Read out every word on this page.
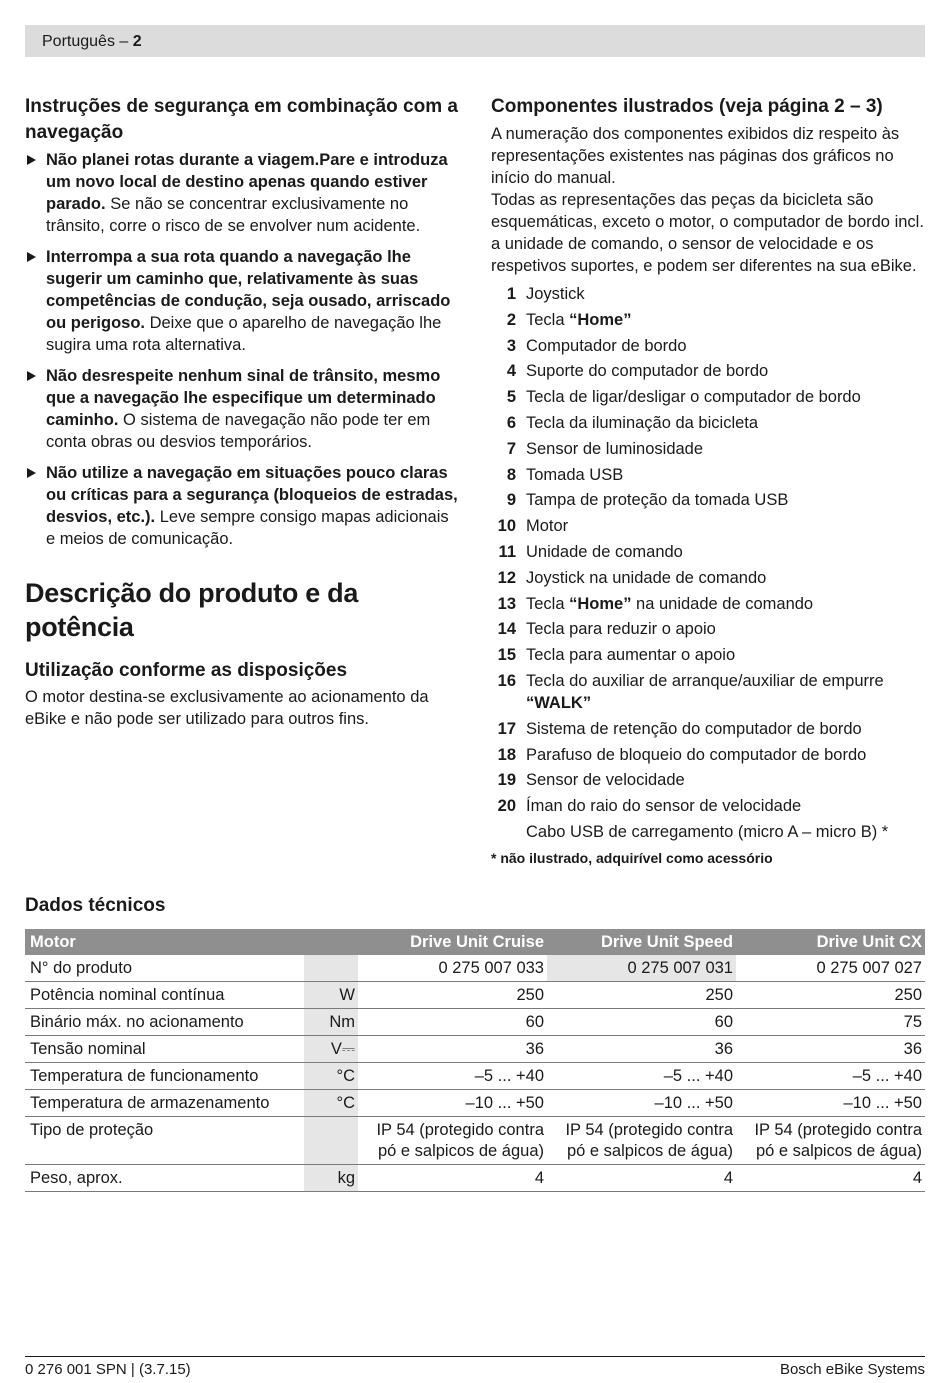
Português – 2
Instruções de segurança em combinação com a navegação
Não planei rotas durante a viagem.Pare e introduza um novo local de destino apenas quando estiver parado. Se não se concentrar exclusivamente no trânsito, corre o risco de se envolver num acidente.
Interrompa a sua rota quando a navegação lhe sugerir um caminho que, relativamente às suas competências de condução, seja ousado, arriscado ou perigoso. Deixe que o aparelho de navegação lhe sugira uma rota alternativa.
Não desrespeite nenhum sinal de trânsito, mesmo que a navegação lhe especifique um determinado caminho. O sistema de navegação não pode ter em conta obras ou desvios temporários.
Não utilize a navegação em situações pouco claras ou críticas para a segurança (bloqueios de estradas, desvios, etc.). Leve sempre consigo mapas adicionais e meios de comunicação.
Descrição do produto e da potência
Utilização conforme as disposições

O motor destina-se exclusivamente ao acionamento da eBike e não pode ser utilizado para outros fins.

Componentes ilustrados (veja página 2 – 3)

A numeração dos componentes exibidos diz respeito às representações existentes nas páginas dos gráficos no início do manual.

Todas as representações das peças da bicicleta são esquemáticas, exceto o motor, o computador de bordo incl. a unidade de comando, o sensor de velocidade e os respetivos suportes, e podem ser diferentes na sua eBike.

1 Joystick
2 Tecla “Home”
3 Computador de bordo
4 Suporte do computador de bordo
5 Tecla de ligar/desligar o computador de bordo
6 Tecla da iluminação da bicicleta
7 Sensor de luminosidade
8 Tomada USB
9 Tampa de proteção da tomada USB
10 Motor
11 Unidade de comando
12 Joystick na unidade de comando
13 Tecla “Home” na unidade de comando
14 Tecla para reduzir o apoio
15 Tecla para aumentar o apoio
16 Tecla do auxiliar de arranque/auxiliar de empurre “WALK”
17 Sistema de retenção do computador de bordo
18 Parafuso de bloqueio do computador de bordo
19 Sensor de velocidade
20 Íman do raio do sensor de velocidade
Cabo USB de carregamento (micro A – micro B) *
* não ilustrado, adquirível como acessório
Dados técnicos
Motor		Drive Unit Cruise	Drive Unit Speed	Drive Unit CX
N° do produto		0 275 007 033	0 275 007 031	0 275 007 027
Potência nominal contínua	W	250	250	250
Binário máx. no acionamento	Nm	60	60	75
Tensão nominal	V⎓	36	36	36
Temperatura de funcionamento	°C	–5 ... +40	–5 ... +40	–5 ... +40
Temperatura de armazenamento	°C	–10 ... +50	–10 ... +50	–10 ... +50
Tipo de proteção		IP 54 (protegido contra pó e salpicos de água)	IP 54 (protegido contra pó e salpicos de água)	IP 54 (protegido contra pó e salpicos de água)
Peso, aprox.	kg	4	4	4
0 276 001 SPN | (3.7.15)	Bosch eBike Systems
